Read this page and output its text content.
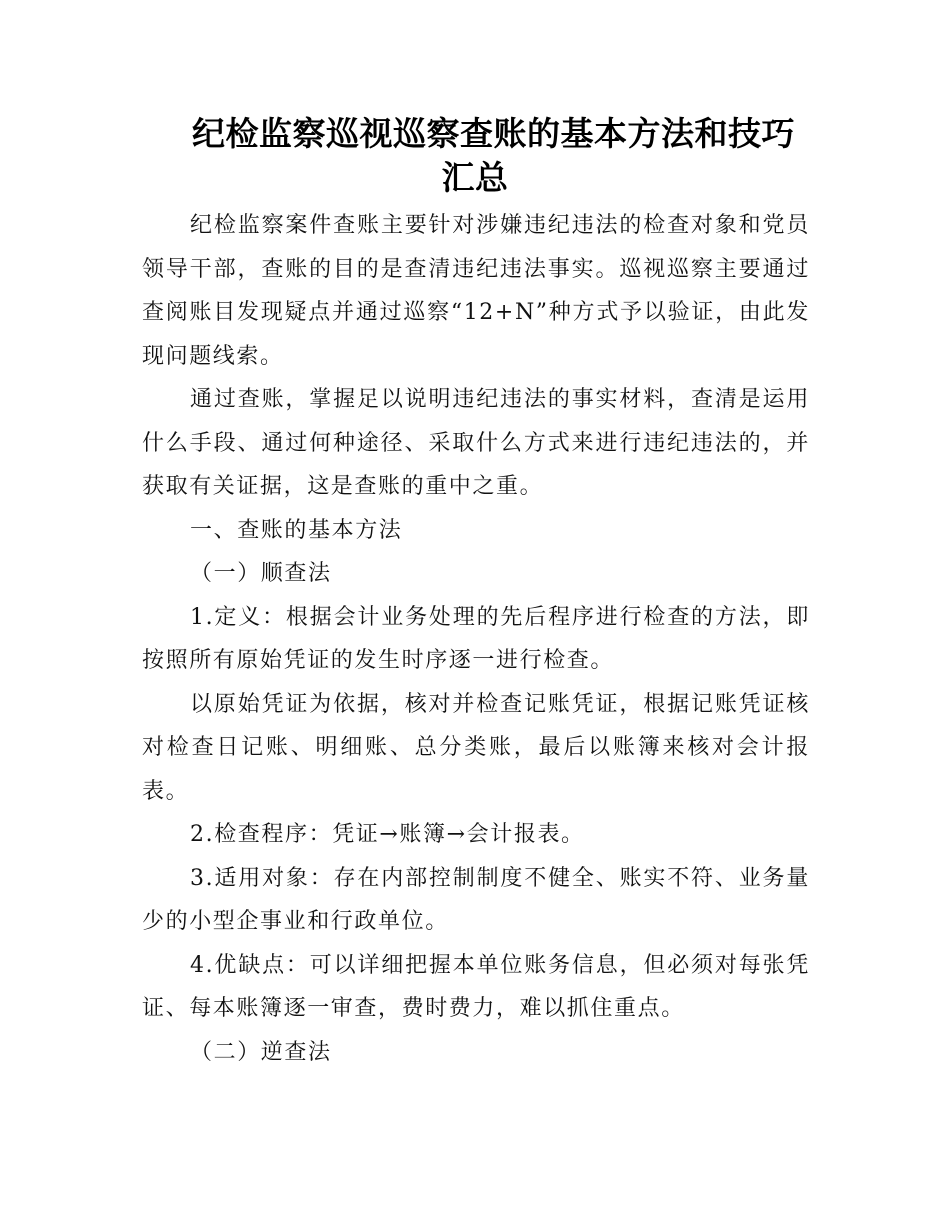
纪检监察巡视巡察查账的基本方法和技巧
汇总

纪检监察案件查账主要针对涉嫌违纪违法的检查对象和党员领导干部，查账的目的是查清违纪违法事实。巡视巡察主要通过查阅账目发现疑点并通过巡察“12+N”种方式予以验证，由此发现问题线索。

通过查账，掌握足以说明违纪违法的事实材料，查清是运用什么手段、通过何种途径、采取什么方式来进行违纪违法的，并获取有关证据，这是查账的重中之重。

一、查账的基本方法

（一）顺查法

1.定义：根据会计业务处理的先后程序进行检查的方法，即按照所有原始凭证的发生时序逐一进行检查。

以原始凭证为依据，核对并检查记账凭证，根据记账凭证核对检查日记账、明细账、总分类账，最后以账簿来核对会计报表。

2.检查程序：凭证→账簿→会计报表。

3.适用对象：存在内部控制制度不健全、账实不符、业务量少的小型企事业和行政单位。

4.优缺点：可以详细把握本单位账务信息，但必须对每张凭证、每本账簿逐一审查，费时费力，难以抓住重点。

（二）逆查法
